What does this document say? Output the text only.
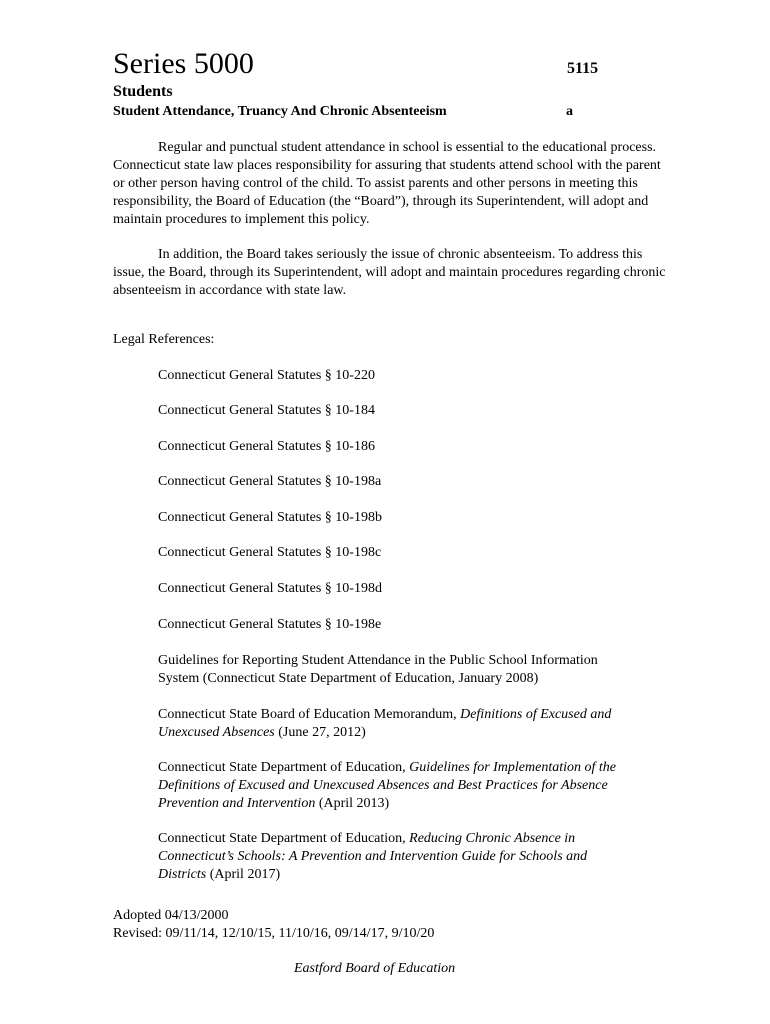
Series 5000	5115
Students
Student Attendance, Truancy And Chronic Absenteeism	a

Regular and punctual student attendance in school is essential to the educational process. Connecticut state law places responsibility for assuring that students attend school with the parent or other person having control of the child. To assist parents and other persons in meeting this responsibility, the Board of Education (the “Board”), through its Superintendent, will adopt and maintain procedures to implement this policy.

In addition, the Board takes seriously the issue of chronic absenteeism. To address this issue, the Board, through its Superintendent, will adopt and maintain procedures regarding chronic absenteeism in accordance with state law.

Legal References:
Connecticut General Statutes § 10-220
Connecticut General Statutes § 10-184
Connecticut General Statutes § 10-186
Connecticut General Statutes § 10-198a
Connecticut General Statutes § 10-198b
Connecticut General Statutes § 10-198c
Connecticut General Statutes § 10-198d
Connecticut General Statutes § 10-198e
Guidelines for Reporting Student Attendance in the Public School Information System (Connecticut State Department of Education, January 2008)
Connecticut State Board of Education Memorandum, Definitions of Excused and Unexcused Absences (June 27, 2012)
Connecticut State Department of Education, Guidelines for Implementation of the Definitions of Excused and Unexcused Absences and Best Practices for Absence Prevention and Intervention (April 2013)
Connecticut State Department of Education, Reducing Chronic Absence in Connecticut’s Schools: A Prevention and Intervention Guide for Schools and Districts (April 2017)
Adopted 04/13/2000
Revised: 09/11/14, 12/10/15, 11/10/16, 09/14/17, 9/10/20
Eastford Board of Education
